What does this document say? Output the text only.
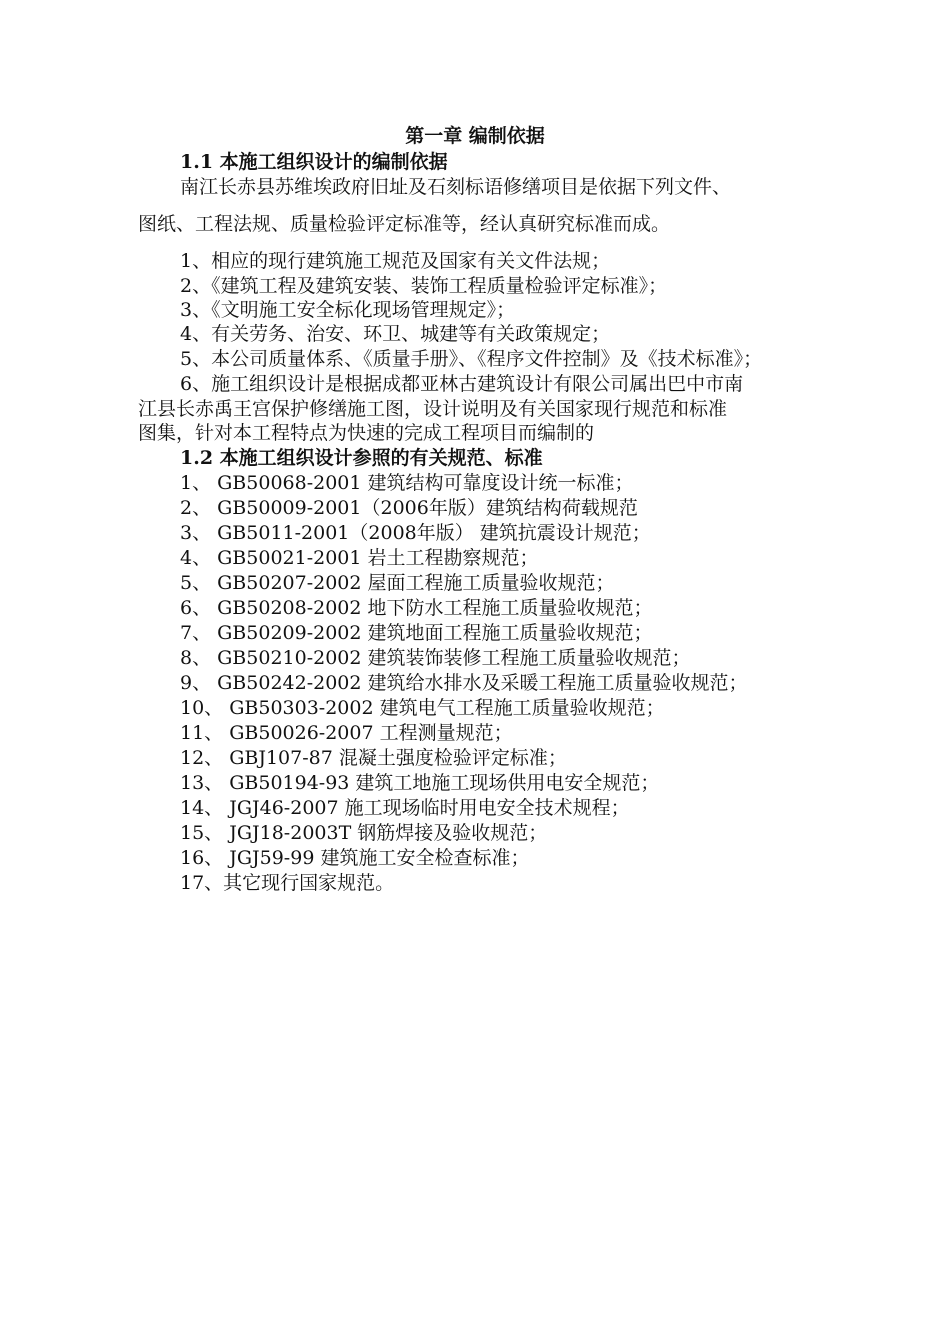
第一章 编制依据
1.1 本施工组织设计的编制依据
南江长赤县苏维埃政府旧址及石刻标语修缮项目是依据下列文件、
图纸、工程法规、质量检验评定标准等，经认真研究标准而成。
1、相应的现行建筑施工规范及国家有关文件法规；
2、《建筑工程及建筑安装、装饰工程质量检验评定标准》；
3、《文明施工安全标化现场管理规定》；
4、有关劳务、治安、环卫、城建等有关政策规定；
5、本公司质量体系、《质量手册》、《程序文件控制》及《技术标准》；
6、施工组织设计是根据成都亚林古建筑设计有限公司属出巴中市南
江县长赤禹王宫保护修缮施工图，设计说明及有关国家现行规范和标准
图集，针对本工程特点为快速的完成工程项目而编制的
1.2 本施工组织设计参照的有关规范、标准
1、 GB50068-2001 建筑结构可靠度设计统一标准；
2、 GB50009-2001（2006年版）建筑结构荷载规范
3、 GB5011-2001（2008年版） 建筑抗震设计规范；
4、 GB50021-2001 岩土工程勘察规范；
5、 GB50207-2002 屋面工程施工质量验收规范；
6、 GB50208-2002 地下防水工程施工质量验收规范；
7、 GB50209-2002 建筑地面工程施工质量验收规范；
8、 GB50210-2002 建筑装饰装修工程施工质量验收规范；
9、 GB50242-2002 建筑给水排水及采暖工程施工质量验收规范；
10、 GB50303-2002 建筑电气工程施工质量验收规范；
11、 GB50026-2007 工程测量规范；
12、 GBJ107-87 混凝土强度检验评定标准；
13、 GB50194-93 建筑工地施工现场供用电安全规范；
14、 JGJ46-2007 施工现场临时用电安全技术规程；
15、 JGJ18-2003T 钢筋焊接及验收规范；
16、 JGJ59-99 建筑施工安全检查标准；
17、其它现行国家规范。
